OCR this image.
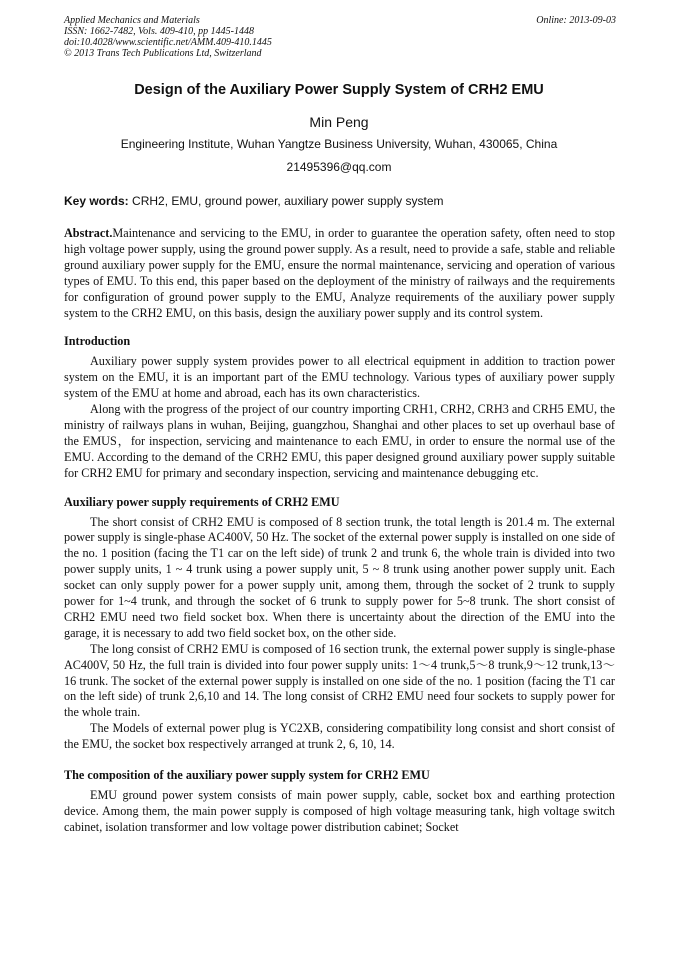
Applied Mechanics and Materials
ISSN: 1662-7482, Vols. 409-410, pp 1445-1448
doi:10.4028/www.scientific.net/AMM.409-410.1445
© 2013 Trans Tech Publications Ltd, Switzerland
Online: 2013-09-03
Design of the Auxiliary Power Supply System of CRH2 EMU
Min Peng
Engineering Institute, Wuhan Yangtze Business University, Wuhan, 430065, China
21495396@qq.com
Key words: CRH2, EMU, ground power, auxiliary power supply system

Abstract.Maintenance and servicing to the EMU, in order to guarantee the operation safety, often need to stop high voltage power supply, using the ground power supply. As a result, need to provide a safe, stable and reliable ground auxiliary power supply for the EMU, ensure the normal maintenance, servicing and operation of various types of EMU. To this end, this paper based on the deployment of the ministry of railways and the requirements for configuration of ground power supply to the EMU, Analyze requirements of the auxiliary power supply system to the CRH2 EMU, on this basis, design the auxiliary power supply and its control system.

Introduction

Auxiliary power supply system provides power to all electrical equipment in addition to traction power system on the EMU, it is an important part of the EMU technology. Various types of auxiliary power supply system of the EMU at home and abroad, each has its own characteristics.

Along with the progress of the project of our country importing CRH1, CRH2, CRH3 and CRH5 EMU, the ministry of railways plans in wuhan, Beijing, guangzhou, Shanghai and other places to set up overhaul base of the EMUS，for inspection, servicing and maintenance to each EMU, in order to ensure the normal use of the EMU. According to the demand of the CRH2 EMU, this paper designed ground auxiliary power supply suitable for CRH2 EMU for primary and secondary inspection, servicing and maintenance debugging etc.

Auxiliary power supply requirements of CRH2 EMU

The short consist of CRH2 EMU is composed of 8 section trunk, the total length is 201.4 m. The external power supply is single-phase AC400V, 50 Hz. The socket of the external power supply is installed on one side of the no. 1 position (facing the T1 car on the left side) of trunk 2 and trunk 6, the whole train is divided into two power supply units, 1 ~ 4 trunk using a power supply unit, 5 ~ 8 trunk using another power supply unit. Each socket can only supply power for a power supply unit, among them, through the socket of 2 trunk to supply power for 1~4 trunk, and through the socket of 6 trunk to supply power for 5~8 trunk. The short consist of CRH2 EMU need two field socket box. When there is uncertainty about the direction of the EMU into the garage, it is necessary to add two field socket box, on the other side.

The long consist of CRH2 EMU is composed of 16 section trunk, the external power supply is single-phase AC400V, 50 Hz, the full train is divided into four power supply units: 1～4 trunk,5～8 trunk,9～12 trunk,13～16 trunk. The socket of the external power supply is installed on one side of the no. 1 position (facing the T1 car on the left side) of trunk 2,6,10 and 14. The long consist of CRH2 EMU need four sockets to supply power for the whole train.

The Models of external power plug is YC2XB, considering compatibility long consist and short consist of the EMU, the socket box respectively arranged at trunk 2, 6, 10, 14.

The composition of the auxiliary power supply system for CRH2 EMU

EMU ground power system consists of main power supply, cable, socket box and earthing protection device. Among them, the main power supply is composed of high voltage measuring tank, high voltage switch cabinet, isolation transformer and low voltage power distribution cabinet; Socket
